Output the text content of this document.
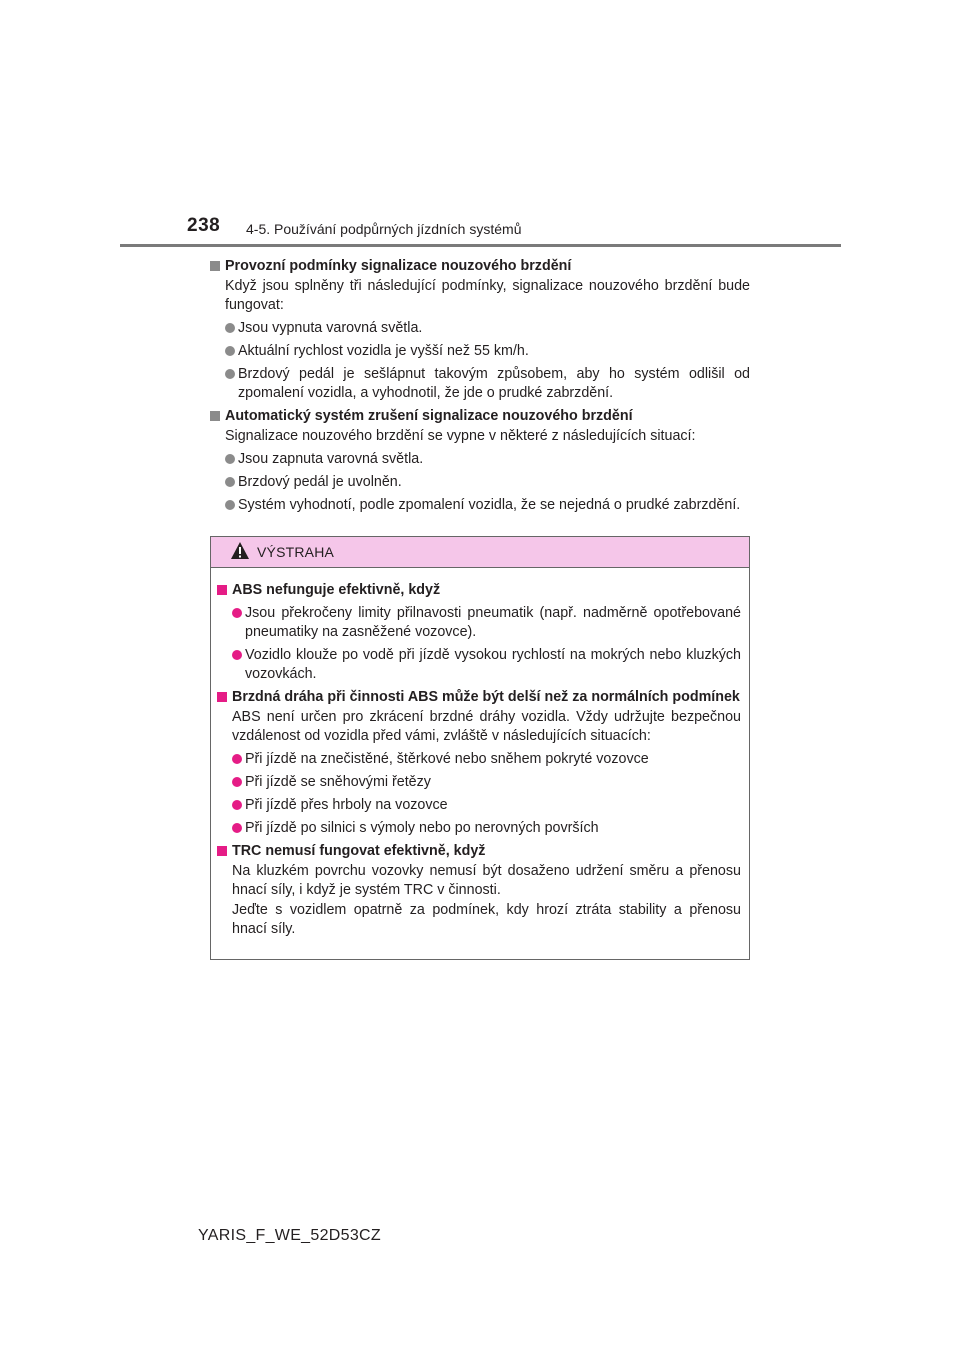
238 4-5. Používání podpůrných jízdních systémů
Provozní podmínky signalizace nouzového brzdění
Když jsou splněny tři následující podmínky, signalizace nouzového brzdění bude fungovat:
Jsou vypnuta varovná světla.
Aktuální rychlost vozidla je vyšší než 55 km/h.
Brzdový pedál je sešlápnut takovým způsobem, aby ho systém odlišil od zpomalení vozidla, a vyhodnotil, že jde o prudké zabrzdění.
Automatický systém zrušení signalizace nouzového brzdění
Signalizace nouzového brzdění se vypne v některé z následujících situací:
Jsou zapnuta varovná světla.
Brzdový pedál je uvolněn.
Systém vyhodnotí, podle zpomalení vozidla, že se nejedná o prudké zabrzdění.
VÝSTRAHA
ABS nefunguje efektivně, když
Jsou překročeny limity přilnavosti pneumatik (např. nadměrně opotřebované pneumatiky na zasněžené vozovce).
Vozidlo klouže po vodě při jízdě vysokou rychlostí na mokrých nebo kluzkých vozovkách.
Brzdná dráha při činnosti ABS může být delší než za normálních podmínek
ABS není určen pro zkrácení brzdné dráhy vozidla. Vždy udržujte bezpečnou vzdálenost od vozidla před vámi, zvláště v následujících situacích:
Při jízdě na znečistěné, štěrkové nebo sněhem pokryté vozovce
Při jízdě se sněhovými řetězy
Při jízdě přes hrboly na vozovce
Při jízdě po silnici s výmoly nebo po nerovných površích
TRC nemusí fungovat efektivně, když
Na kluzkém povrchu vozovky nemusí být dosaženo udržení směru a přenosu hnací síly, i když je systém TRC v činnosti.
Jeďte s vozidlem opatrně za podmínek, kdy hrozí ztráta stability a přenosu hnací síly.
YARIS_F_WE_52D53CZ
